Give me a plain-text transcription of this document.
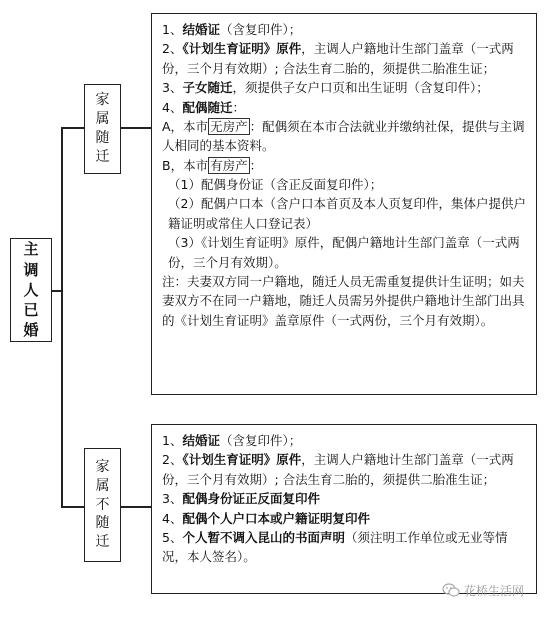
主
调
人
已
婚
家
属
随
迁
家
属
不
随
迁

1、结婚证（含复印件）；

2、《计划生育证明》原件，主调人户籍地计生部门盖章（一式两份，三个月有效期）; 合法生育二胎的，须提供二胎准生证；

3、子女随迁，须提供子女户口页和出生证明（含复印件）；

4、配偶随迁：

A，本市 无房产 ：配偶须在本市合法就业并缴纳社保，提供与主调人相同的基本资料。

B，本市 有房产 ：

（1）配偶身份证（含正反面复印件）；

（2）配偶户口本（含户口本首页及本人页复印件，集体户提供户籍证明或常住人口登记表）

（3）《计划生育证明》原件，配偶户籍地计生部门盖章（一式两份，三个月有效期）。

注：夫妻双方同一户籍地，随迁人员无需重复提供计生证明；如夫妻双方不在同一户籍地，随迁人员需另外提供户籍地计生部门出具的《计划生育证明》盖章原件（一式两份，三个月有效期）。

1、结婚证（含复印件）；

2、《计划生育证明》原件，主调人户籍地计生部门盖章（一式两份，三个月有效期）; 合法生育二胎的，须提供二胎准生证；

3、配偶身份证正反面复印件

4、配偶个人户口本或户籍证明复印件

5、个人暂不调入昆山的书面声明（须注明工作单位或无业等情况，本人签名）。

花桥生活网
